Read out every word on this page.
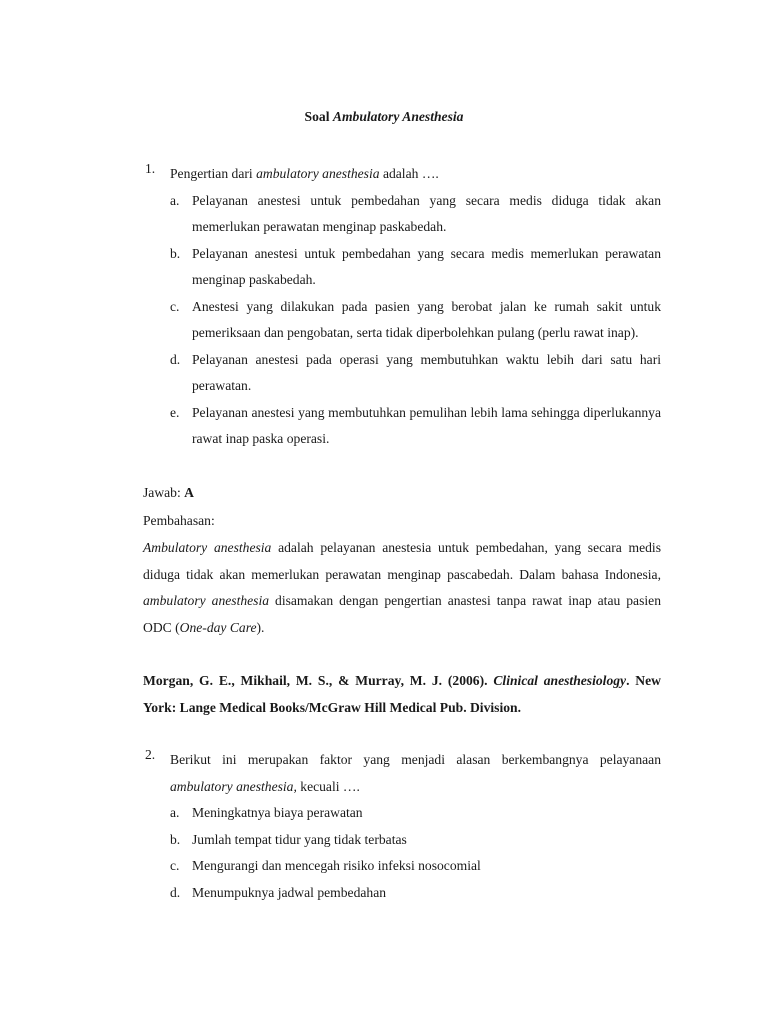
Soal Ambulatory Anesthesia
1. Pengertian dari ambulatory anesthesia adalah ….
a. Pelayanan anestesi untuk pembedahan yang secara medis diduga tidak akan memerlukan perawatan menginap paskabedah.
b. Pelayanan anestesi untuk pembedahan yang secara medis memerlukan perawatan menginap paskabedah.
c. Anestesi yang dilakukan pada pasien yang berobat jalan ke rumah sakit untuk pemeriksaan dan pengobatan, serta tidak diperbolehkan pulang (perlu rawat inap).
d. Pelayanan anestesi pada operasi yang membutuhkan waktu lebih dari satu hari perawatan.
e. Pelayanan anestesi yang membutuhkan pemulihan lebih lama sehingga diperlukannya rawat inap paska operasi.
Jawab: A
Pembahasan:
Ambulatory anesthesia adalah pelayanan anestesia untuk pembedahan, yang secara medis diduga tidak akan memerlukan perawatan menginap pascabedah. Dalam bahasa Indonesia, ambulatory anesthesia disamakan dengan pengertian anastesi tanpa rawat inap atau pasien ODC (One-day Care).
Morgan, G. E., Mikhail, M. S., & Murray, M. J. (2006). Clinical anesthesiology. New York: Lange Medical Books/McGraw Hill Medical Pub. Division.
2. Berikut ini merupakan faktor yang menjadi alasan berkembangnya pelayanaan ambulatory anesthesia, kecuali ….
a. Meningkatnya biaya perawatan
b. Jumlah tempat tidur yang tidak terbatas
c. Mengurangi dan mencegah risiko infeksi nosocomial
d. Menumpuknya jadwal pembedahan
